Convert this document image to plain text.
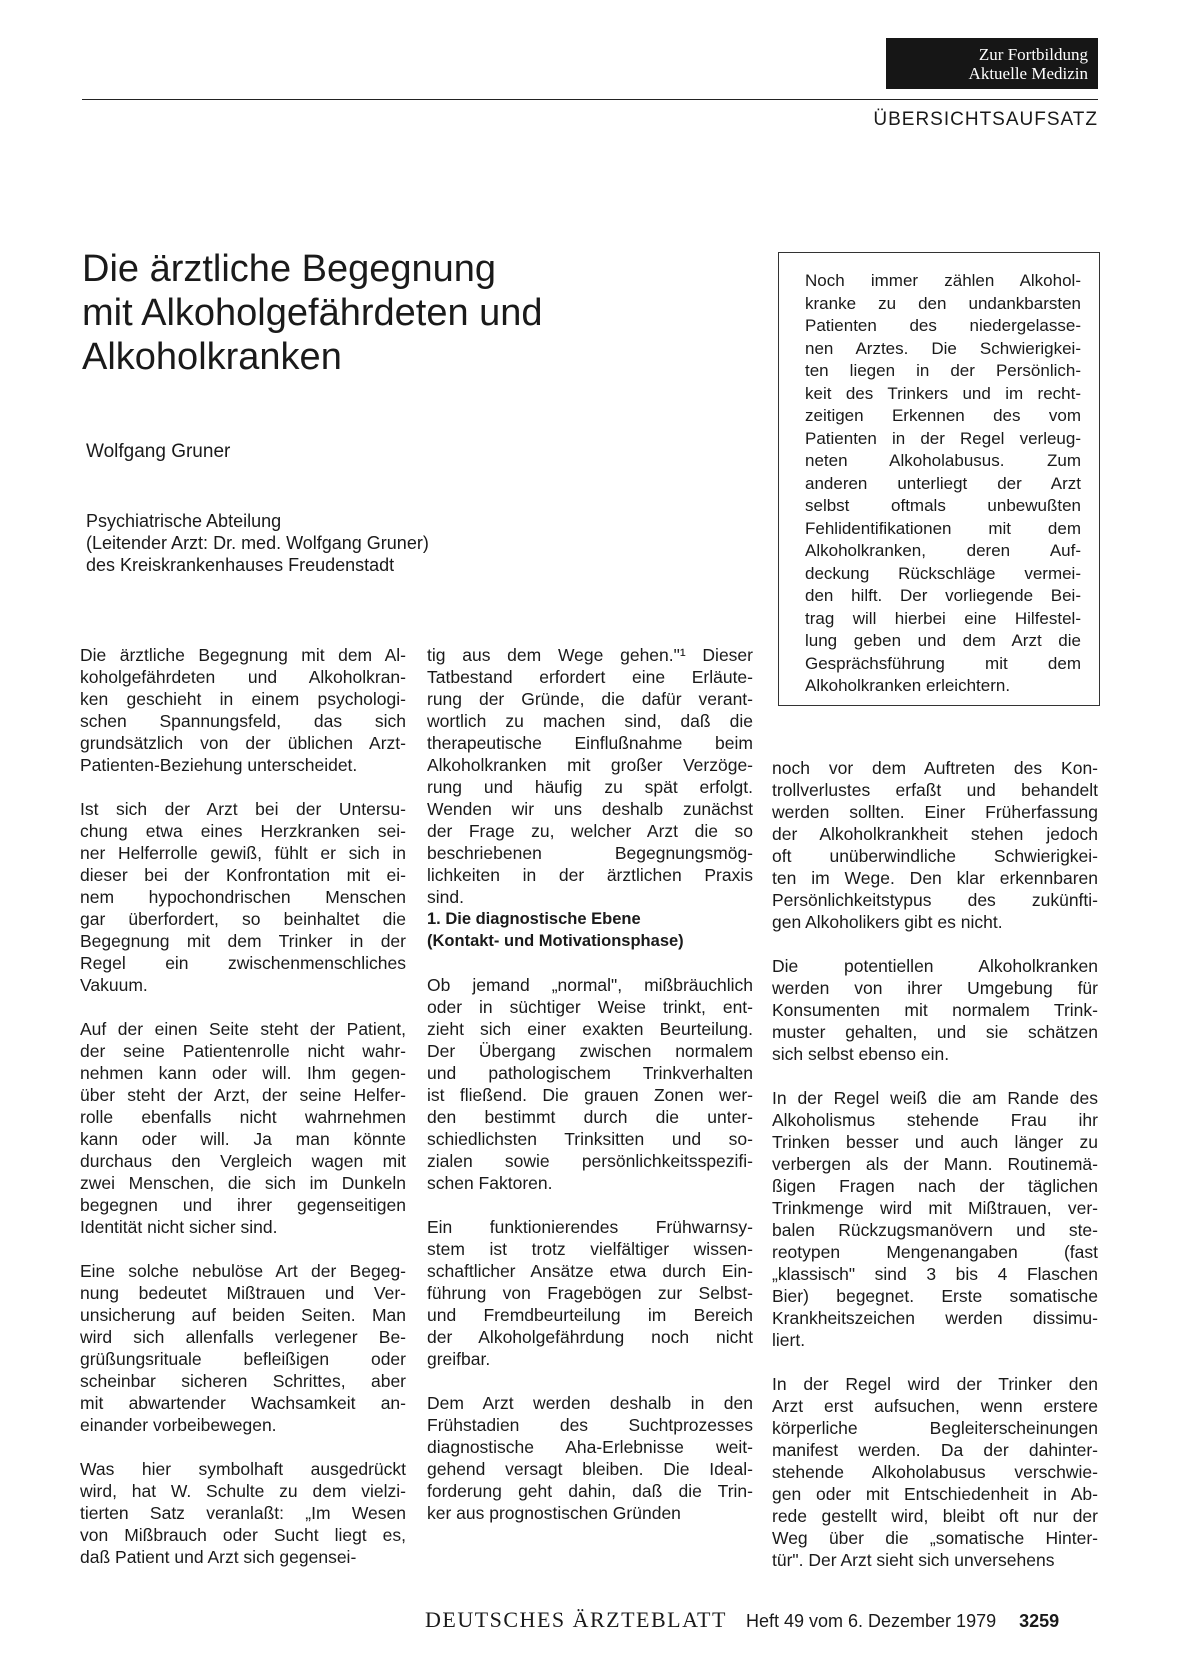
Zur Fortbildung
Aktuelle Medizin
ÜBERSICHTSAUFSATZ
Die ärztliche Begegnung
mit Alkoholgefährdeten und
Alkoholkranken
Wolfgang Gruner
Psychiatrische Abteilung
(Leitender Arzt: Dr. med. Wolfgang Gruner)
des Kreiskrankenhauses Freudenstadt
Noch immer zählen Alkohol-
kranke zu den undankbarsten
Patienten des niedergelasse-
nen Arztes. Die Schwierigkei-
ten liegen in der Persönlich-
keit des Trinkers und im recht-
zeitigen Erkennen des vom
Patienten in der Regel verleug-
neten Alkoholabusus. Zum
anderen unterliegt der Arzt
selbst oftmals unbewußten
Fehlidentifikationen mit dem
Alkoholkranken, deren Auf-
deckung Rückschläge vermei-
den hilft. Der vorliegende Bei-
trag will hierbei eine Hilfestel-
lung geben und dem Arzt die
Gesprächsführung mit dem
Alkoholkranken erleichtern.
Die ärztliche Begegnung mit dem Al-
koholgefährdeten und Alkoholkran-
ken geschieht in einem psychologi-
schen Spannungsfeld, das sich
grundsätzlich von der üblichen Arzt-
Patienten-Beziehung unterscheidet.
Ist sich der Arzt bei der Untersu-
chung etwa eines Herzkranken sei-
ner Helferrolle gewiß, fühlt er sich in
dieser bei der Konfrontation mit ei-
nem hypochondrischen Menschen
gar überfordert, so beinhaltet die
Begegnung mit dem Trinker in der
Regel ein zwischenmenschliches
Vakuum.
Auf der einen Seite steht der Patient,
der seine Patientenrolle nicht wahr-
nehmen kann oder will. Ihm gegen-
über steht der Arzt, der seine Helfer-
rolle ebenfalls nicht wahrnehmen
kann oder will. Ja man könnte
durchaus den Vergleich wagen mit
zwei Menschen, die sich im Dunkeln
begegnen und ihrer gegenseitigen
Identität nicht sicher sind.
Eine solche nebulöse Art der Begeg-
nung bedeutet Mißtrauen und Ver-
unsicherung auf beiden Seiten. Man
wird sich allenfalls verlegener Be-
grüßungsrituale befleißigen oder
scheinbar sicheren Schrittes, aber
mit abwartender Wachsamkeit an-
einander vorbeibewegen.
Was hier symbolhaft ausgedrückt
wird, hat W. Schulte zu dem vielzi-
tierten Satz veranlaßt: „Im Wesen
von Mißbrauch oder Sucht liegt es,
daß Patient und Arzt sich gegensei-
tig aus dem Wege gehen."¹ Dieser
Tatbestand erfordert eine Erläute-
rung der Gründe, die dafür verant-
wortlich zu machen sind, daß die
therapeutische Einflußnahme beim
Alkoholkranken mit großer Verzöge-
rung und häufig zu spät erfolgt.
Wenden wir uns deshalb zunächst
der Frage zu, welcher Arzt die so
beschriebenen Begegnungsmög-
lichkeiten in der ärztlichen Praxis
sind.
1. Die diagnostische Ebene
(Kontakt- und Motivationsphase)
Ob jemand „normal", mißbräuchlich
oder in süchtiger Weise trinkt, ent-
zieht sich einer exakten Beurteilung.
Der Übergang zwischen normalem
und pathologischem Trinkverhalten
ist fließend. Die grauen Zonen wer-
den bestimmt durch die unter-
schiedlichsten Trinksitten und so-
zialen sowie persönlichkeitsspezifi-
schen Faktoren.
Ein funktionierendes Frühwarnsy-
stem ist trotz vielfältiger wissen-
schaftlicher Ansätze etwa durch Ein-
führung von Fragebögen zur Selbst-
und Fremdbeurteilung im Bereich
der Alkoholgefährdung noch nicht
greifbar.
Dem Arzt werden deshalb in den
Frühstadien des Suchtprozesses
diagnostische Aha-Erlebnisse weit-
gehend versagt bleiben. Die Ideal-
forderung geht dahin, daß die Trin-
ker aus prognostischen Gründen
noch vor dem Auftreten des Kon-
trollverlustes erfaßt und behandelt
werden sollten. Einer Früherfassung
der Alkoholkrankheit stehen jedoch
oft unüberwindliche Schwierigkei-
ten im Wege. Den klar erkennbaren
Persönlichkeitstypus des zukünfti-
gen Alkoholikers gibt es nicht.
Die potentiellen Alkoholkranken
werden von ihrer Umgebung für
Konsumenten mit normalem Trink-
muster gehalten, und sie schätzen
sich selbst ebenso ein.
In der Regel weiß die am Rande des
Alkoholismus stehende Frau ihr
Trinken besser und auch länger zu
verbergen als der Mann. Routinemä-
ßigen Fragen nach der täglichen
Trinkmenge wird mit Mißtrauen, ver-
balen Rückzugsmanövern und ste-
reotypen Mengenangaben (fast
„klassisch" sind 3 bis 4 Flaschen
Bier) begegnet. Erste somatische
Krankheitszeichen werden dissimu-
liert.
In der Regel wird der Trinker den
Arzt erst aufsuchen, wenn erstere
körperliche Begleiterscheinungen
manifest werden. Da der dahinter-
stehende Alkoholabusus verschwie-
gen oder mit Entschiedenheit in Ab-
rede gestellt wird, bleibt oft nur der
Weg über die „somatische Hinter-
tür". Der Arzt sieht sich unversehens
DEUTSCHES ÄRZTEBLATT Heft 49 vom 6. Dezember 1979 3259
